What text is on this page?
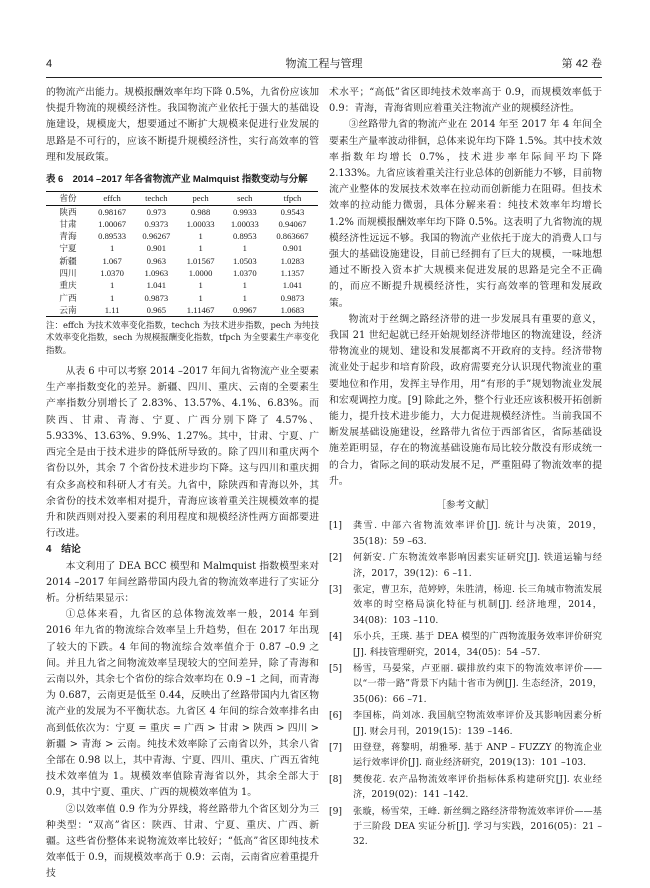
4	物流工程与管理	第 42 卷

的物流产出能力。规模报酬效率年均下降 0.5%，九省份应该加快提升物流的规模经济性。我国物流产业依托于强大的基础设施建设，规模庞大，想要通过不断扩大规模来促进行业发展的思路是不可行的，应该不断提升规模经济性，实行高效率的管理和发展政策。

表 6　2014 –2017 年各省物流产业 Malmquist 指数变动与分解
省份	effch	techch	pech	sech	tfpch
陕西	0.98167	0.973	0.988	0.9933	0.9543
甘肃	1.00067	0.9373	1.00033	1.00033	0.94067
青海	0.89533	0.96267	1	0.8953	0.863667
宁夏	1	0.901	1	1	0.901
新疆	1.067	0.963	1.01567	1.0503	1.0283
四川	1.0370	1.0963	1.0000	1.0370	1.1357
重庆	1	1.041	1	1	1.041
广西	1	0.9873	1	1	0.9873
云南	1.11	0.965	1.11467	0.9967	1.0683
注：effch 为技术效率变化指数，techch 为技术进步指数，pech 为纯技术效率变化指数，sech 为规模报酬变化指数，tfpch 为全要素生产率变化指数。

从表 6 中可以考察 2014 –2017 年间九省物流产业全要素生产率指数变化的差异。新疆、四川、重庆、云南的全要素生产率指数分别增长了 2.83%、13.57%、4.1%、6.83%。而陕西、甘肃、青海、宁夏、广西分别下降了 4.57%、5.933%、13.63%、9.9%、1.27%。其中，甘肃、宁夏、广西完全是由于技术进步的降低所导致的。除了四川和重庆两个省份以外，其余 7 个省份技术进步均下降。这与四川和重庆拥有众多高校和科研人才有关。九省中，除陕西和青海以外，其余省份的技术效率相对提升，青海应该着重关注规模效率的提升和陕西则对投入要素的利用程度和规模经济性两方面都要进行改进。

4　结论

本文利用了 DEA BCC 模型和 Malmquist 指数模型来对 2014 –2017 年间丝路带国内段九省的物流效率进行了实证分析。分析结果显示：

①总体来看，九省区的总体物流效率一般，2014 年到 2016 年九省的物流综合效率呈上升趋势，但在 2017 年出现了较大的下跌。4 年间的物流综合效率值介于 0.87 –0.9 之间。并且九省之间物流效率呈现较大的空间差异，除了青海和云南以外，其余七个省份的综合效率均在 0.9 –1 之间，而青海为 0.687，云南更是低至 0.44，反映出了丝路带国内九省区物流产业的发展为不平衡状态。九省区 4 年间的综合效率排名由高到低依次为：宁夏 = 重庆 = 广西 > 甘肃 > 陕西 > 四川 > 新疆 > 青海 > 云南。纯技术效率除了云南省以外，其余八省全部在 0.98 以上，其中青海、宁夏、四川、重庆、广西五省纯技术效率值为 1。规模效率值除青海省以外，其余全部大于 0.9，其中宁夏、重庆、广西的规模效率值为 1。

②以效率值 0.9 作为分界线，将丝路带九个省区划分为三种类型：“双高”省区：陕西、甘肃、宁夏、重庆、广西、新疆。这些省份整体来说物流效率比较好；“低高”省区即纯技术效率低于 0.9，而规模效率高于 0.9：云南，云南省应着重提升技

术水平；“高低”省区即纯技术效率高于 0.9，而规模效率低于 0.9：青海，青海省则应着重关注物流产业的规模经济性。

③丝路带九省的物流产业在 2014 年至 2017 年 4 年间全要素生产量率波动徘徊，总体来说年均下降 1.5%。其中技术效率指数年均增长 0.7%，技术进步率年际间平均下降 2.133%。九省应该着重关注行业总体的创新能力不够，目前物流产业整体的发展技术效率在拉动而创新能力在阻碍。但技术效率的拉动能力微弱，具体分解来看：纯技术效率年均增长 1.2% 而规模报酬效率年均下降 0.5%。这表明了九省物流的规模经济性远远不够。我国的物流产业依托于庞大的消费人口与强大的基础设施建设，目前已经拥有了巨大的规模，一味地想通过不断投入资本扩大规模来促进发展的思路是完全不正确的，而应不断提升规模经济性，实行高效率的管理和发展政策。

物流对于丝绸之路经济带的进一步发展具有重要的意义，我国 21 世纪起就已经开始规划经济带地区的物流建设，经济带物流业的规划、建设和发展都离不开政府的支持。经济带物流业处于起步和培育阶段，政府需要充分认识现代物流业的重要地位和作用，发挥主导作用，用“有形的手”规划物流业发展和宏观调控力度。[9] 除此之外，整个行业还应该积极开拓创新能力，提升技术进步能力，大力促进规模经济性。当前我国不断发展基础设施建设，丝路带九省位于西部省区，省际基础设施差距明显，存在的物流基础设施布局比较分散没有形成统一的合力，省际之间的联动发展不足，严重阻碍了物流效率的提升。

［参考文献］
[1]	龚雪. 中部六省物流效率评价[J]. 统计与决策，2019，35(18)：59 –63.
[2]	何新安. 广东物流效率影响因素实证研究[J]. 铁道运输与经济，2017，39(12)：6 –11.
[3]	张定，曹卫东，范婷婷，朱胜清，杨迎. 长三角城市物流发展效率的时空格局演化特征与机制[J]. 经济地理，2014，34(08)：103 –110.
[4]	乐小兵，王瑛. 基于 DEA 模型的广西物流服务效率评价研究[J]. 科技管理研究，2014，34(05)：54 –57.
[5]	杨雪，马晏棠，卢亚丽. 碳排放约束下的物流效率评价——以“一带一路”背景下内陆十省市为例[J]. 生态经济，2019，35(06)：66 –71.
[6]	李国栋，尚刘冰. 我国航空物流效率评价及其影响因素分析[J]. 财会月刊，2019(15)：139 –146.
[7]	田登登，蒋黎明，胡雅琴. 基于 ANP – FUZZY 的物流企业运行效率评价[J]. 商业经济研究，2019(13)：101 –103.
[8]	樊俊花. 农产品物流效率评价指标体系构建研究[J]. 农业经济，2019(02)：141 –142.
[9]	张璇，杨雪荣，王峰. 新丝绸之路经济带物流效率评价——基于三阶段 DEA 实证分析[J]. 学习与实践，2016(05)：21 –32.
